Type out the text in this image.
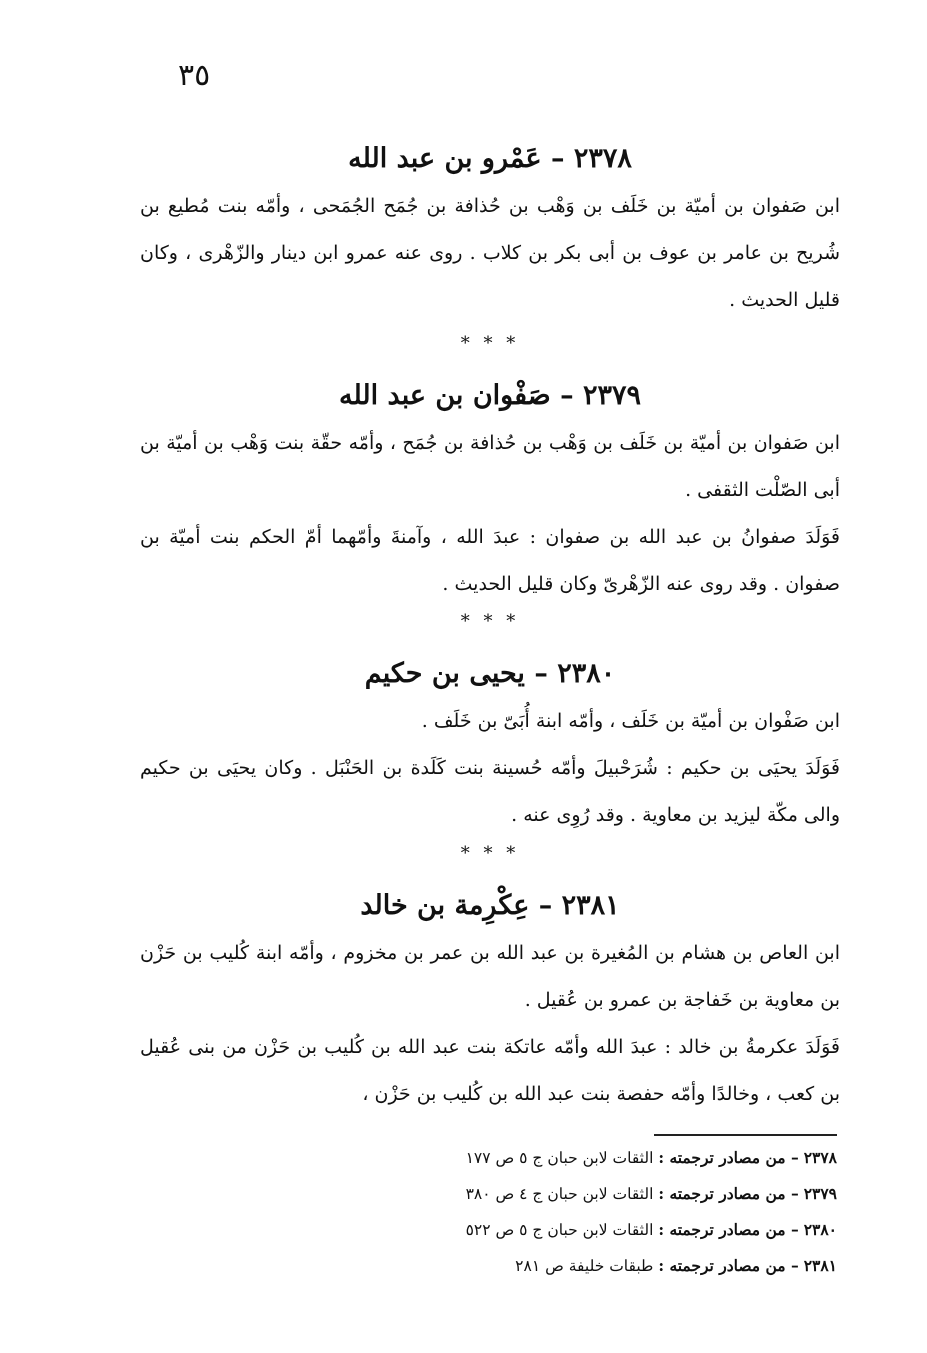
٣٥
٢٣٧٨ – عَمْرو بن عبد الله
ابن صَفوان بن أميّة بن خَلَف بن وَهْب بن حُذافة بن جُمَح الجُمَحى ، وأمّه بنت مُطيع بن شُريح بن عامر بن عوف بن أبى بكر بن كلاب . روى عنه عمرو ابن دينار والزّهْرى ، وكان قليل الحديث .
* * *
٢٣٧٩ – صَفْوان بن عبد الله
ابن صَفوان بن أميّة بن خَلَف بن وَهْب بن حُذافة بن جُمَح ، وأمّه حقّة بنت وَهْب بن أميّة بن أبى الصّلْت الثقفى .
فَوَلَدَ صفوانُ بن عبد الله بن صفوان : عبدَ الله ، وآمنةَ وأمّهما أمّ الحكم بنت أميّة بن صفوان . وقد روى عنه الزّهْرىّ وكان قليل الحديث .
* * *
٢٣٨٠ – يحيى بن حكيم
ابن صَفْوان بن أميّة بن خَلَف ، وأمّه ابنة أُبَىّ بن خَلَف .
فَوَلَدَ يحيَى بن حكيم : شُرَحْبيلَ وأمّه حُسينة بنت كَلَدة بن الحَنْبَل . وكان يحيَى بن حكيم والى مكّة ليزيد بن معاوية . وقد رُوِى عنه .
* * *
٢٣٨١ – عِكْرِمة بن خالد
ابن العاص بن هشام بن المُغيرة بن عبد الله بن عمر بن مخزوم ، وأمّه ابنة كُليب بن حَزْن بن معاوية بن خَفاجة بن عمرو بن عُقيل .
فَوَلَدَ عكرمةُ بن خالد : عبدَ الله وأمّه عاتكة بنت عبد الله بن كُليب بن حَزْن من بنى عُقيل بن كعب ، وخالدًا وأمّه حفصة بنت عبد الله بن كُليب بن حَزْن ،
٢٣٧٨ – من مصادر ترجمته : الثقات لابن حبان ج ٥ ص ١٧٧
٢٣٧٩ – من مصادر ترجمته : الثقات لابن حبان ج ٤ ص ٣٨٠
٢٣٨٠ – من مصادر ترجمته : الثقات لابن حبان ج ٥ ص ٥٢٢
٢٣٨١ – من مصادر ترجمته : طبقات خليفة ص ٢٨١
